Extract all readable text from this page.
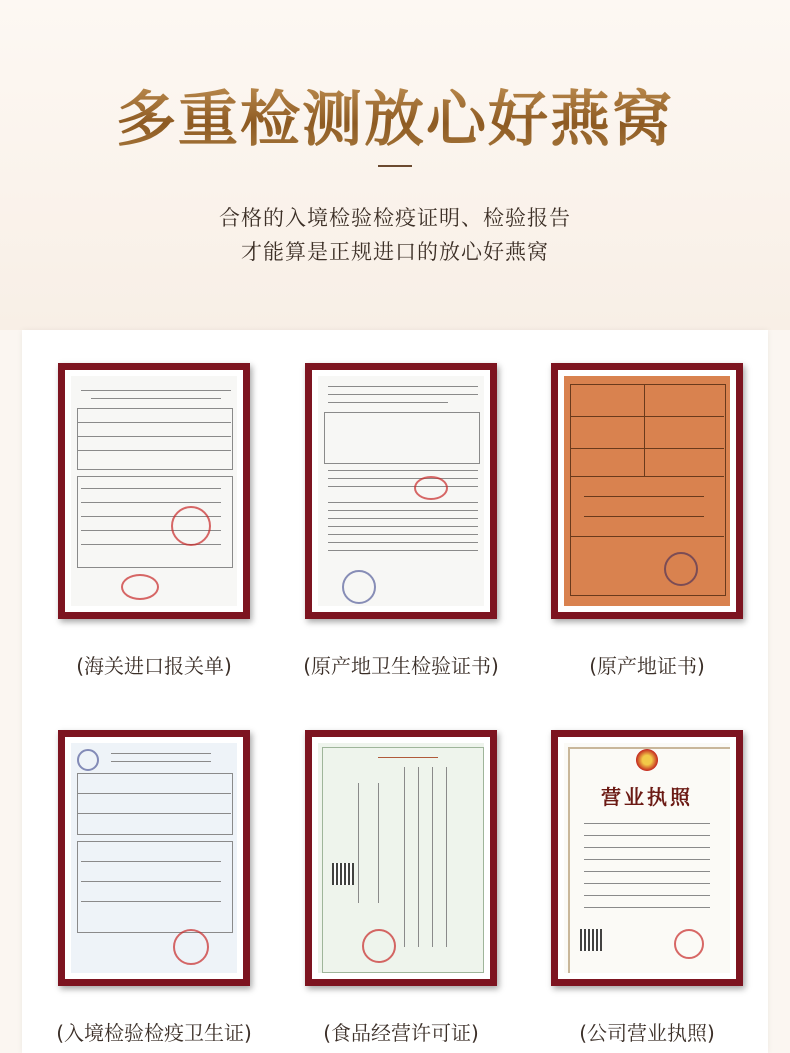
多重检测放心好燕窝
合格的入境检验检疫证明、检验报告
才能算是正规进口的放心好燕窝
(海关进口报关单)	(原产地卫生检验证书)	(原产地证书)
(入境检验检疫卫生证)	(食品经营许可证)
营业执照
(公司营业执照)
